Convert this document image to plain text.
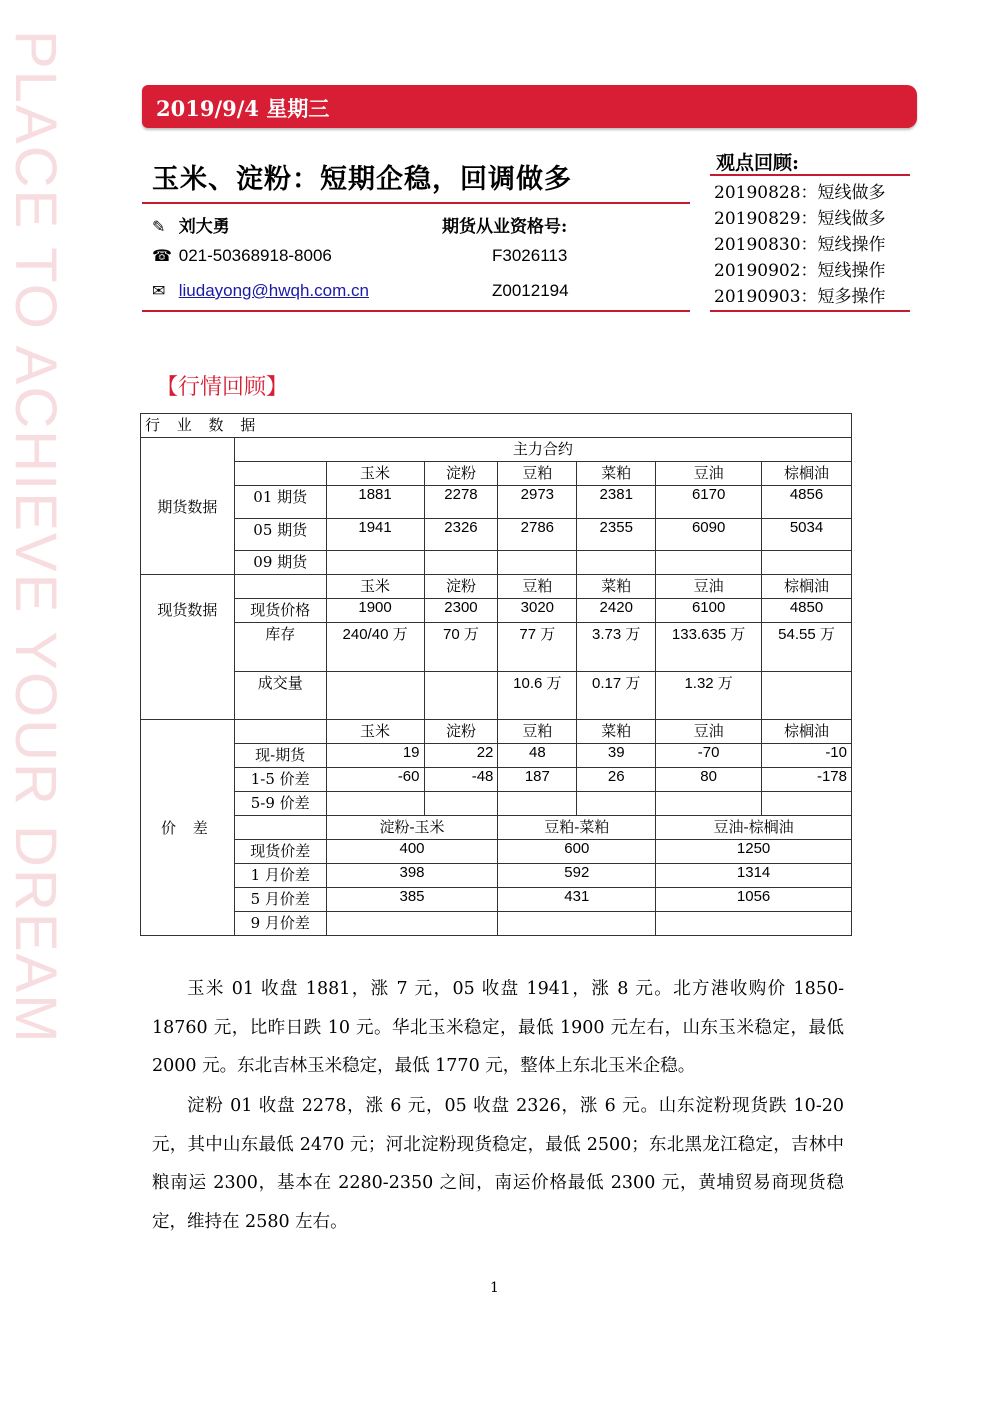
PLACE TO ACHIEVE YOUR DREAM	2019/9/4 星期三
玉米、淀粉：短期企稳，回调做多
✎ 刘大勇	期货从业资格号:
☎ 021-50368918-8006	F3026113
✉ liudayong@hwqh.com.cn	Z0012194
观点回顾:
20190828：短线做多
20190829：短线做多
20190830：短线操作
20190902：短线操作
20190903：短多操作
【行情回顾】
行 业 数 据							
期货数据	主力合约						
		玉米	淀粉	豆粕	菜粕	豆油	棕榈油
	01 期货	1881	2278	2973	2381	6170	4856
	05 期货	1941	2326	2786	2355	6090	5034
	09 期货						

现货数据		玉米	淀粉	豆粕	菜粕	豆油	棕榈油
	现货价格	1900	2300	3020	2420	6100	4850
	库存	240/40 万	70 万	77 万	3.73 万	133.635 万	54.55 万
	成交量			10.6 万	0.17 万	1.32 万	
价 差		玉米	淀粉	豆粕	菜粕	豆油	棕榈油
	现-期货	19	22	48	39	-70	-10
	1-5 价差	-60	-48	187	26	80	-178
	5-9 价差						
		淀粉-玉米		豆粕-菜粕		豆油-棕榈油	
	现货价差	400		600		1250	
	1 月价差	398		592		1314	
	5 月价差	385		431		1056	
	9 月价差						
玉米 01 收盘 1881，涨 7 元，05 收盘 1941，涨 8 元。北方港收购价 1850-18760 元，比昨日跌 10 元。华北玉米稳定，最低 1900 元左右，山东玉米稳定，最低 2000 元。东北吉林玉米稳定，最低 1770 元，整体上东北玉米企稳。
淀粉 01 收盘 2278，涨 6 元，05 收盘 2326，涨 6 元。山东淀粉现货跌 10-20 元，其中山东最低 2470 元；河北淀粉现货稳定，最低 2500；东北黑龙江稳定，吉林中粮南运 2300，基本在 2280-2350 之间，南运价格最低 2300 元，黄埔贸易商现货稳定，维持在 2580 左右。
1
